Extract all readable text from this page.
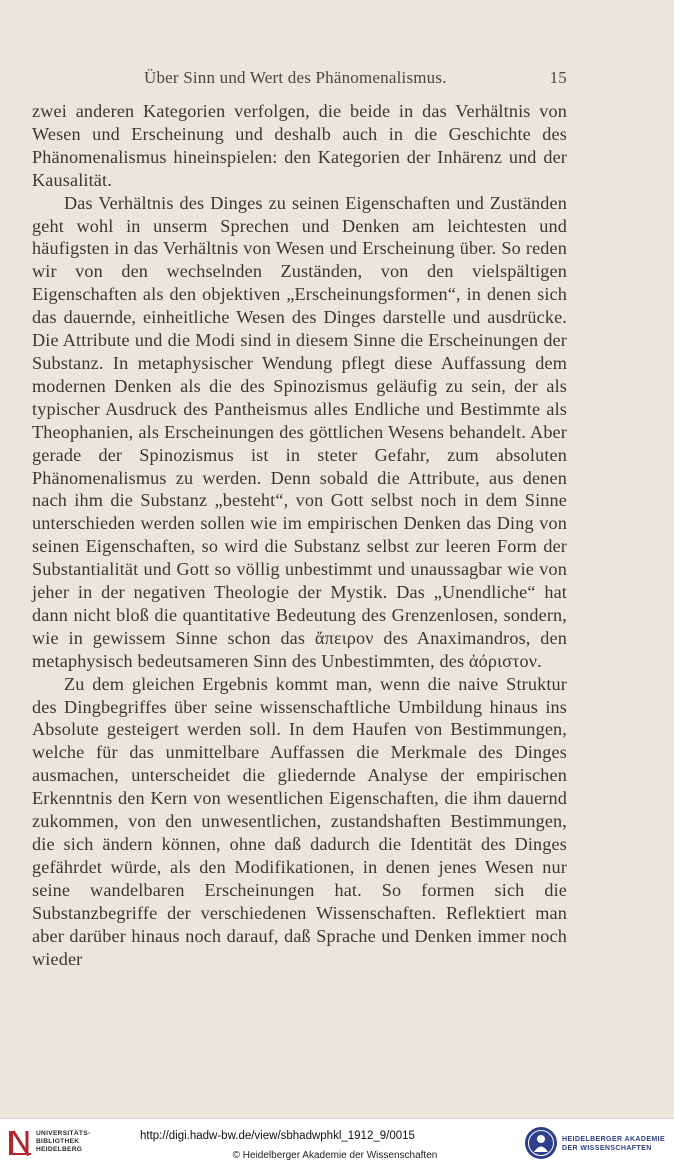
Über Sinn und Wert des Phänomenalismus.	15

zwei anderen Kategorien verfolgen, die beide in das Verhältnis von Wesen und Erscheinung und deshalb auch in die Geschichte des Phänomenalismus hineinspielen: den Kategorien der Inhärenz und der Kausalität.

Das Verhältnis des Dinges zu seinen Eigenschaften und Zuständen geht wohl in unserm Sprechen und Denken am leichtesten und häufigsten in das Verhältnis von Wesen und Erscheinung über. So reden wir von den wechselnden Zuständen, von den vielspältigen Eigenschaften als den objektiven „Erscheinungsformen“, in denen sich das dauernde, einheitliche Wesen des Dinges darstelle und ausdrücke. Die Attribute und die Modi sind in diesem Sinne die Erscheinungen der Substanz. In metaphysischer Wendung pflegt diese Auffassung dem modernen Denken als die des Spinozismus geläufig zu sein, der als typischer Ausdruck des Pantheismus alles Endliche und Bestimmte als Theophanien, als Erscheinungen des göttlichen Wesens behandelt. Aber gerade der Spinozismus ist in steter Gefahr, zum absoluten Phänomenalismus zu werden. Denn sobald die Attribute, aus denen nach ihm die Substanz „besteht“, von Gott selbst noch in dem Sinne unterschieden werden sollen wie im empirischen Denken das Ding von seinen Eigenschaften, so wird die Substanz selbst zur leeren Form der Substantialität und Gott so völlig unbestimmt und unaussagbar wie von jeher in der negativen Theologie der Mystik. Das „Unendliche“ hat dann nicht bloß die quantitative Bedeutung des Grenzenlosen, sondern, wie in gewissem Sinne schon das ἄπειρον des Anaximandros, den metaphysisch bedeutsameren Sinn des Unbestimmten, des ἀόριστον.

Zu dem gleichen Ergebnis kommt man, wenn die naive Struktur des Dingbegriffes über seine wissenschaftliche Umbildung hinaus ins Absolute gesteigert werden soll. In dem Haufen von Bestimmungen, welche für das unmittelbare Auffassen die Merkmale des Dinges ausmachen, unterscheidet die gliedernde Analyse der empirischen Erkenntnis den Kern von wesentlichen Eigenschaften, die ihm dauernd zukommen, von den unwesentlichen, zustandshaften Bestimmungen, die sich ändern können, ohne daß dadurch die Identität des Dinges gefährdet würde, als den Modifikationen, in denen jenes Wesen nur seine wandelbaren Erscheinungen hat. So formen sich die Substanzbegriffe der verschiedenen Wissenschaften. Reflektiert man aber darüber hinaus noch darauf, daß Sprache und Denken immer noch wieder

UNIVERSITÄTS-
BIBLIOTHEK
HEIDELBERG
http://digi.hadw-bw.de/view/sbhadwphkl_1912_9/0015
© Heidelberger Akademie der Wissenschaften
HEIDELBERGER AKADEMIE
DER WISSENSCHAFTEN
